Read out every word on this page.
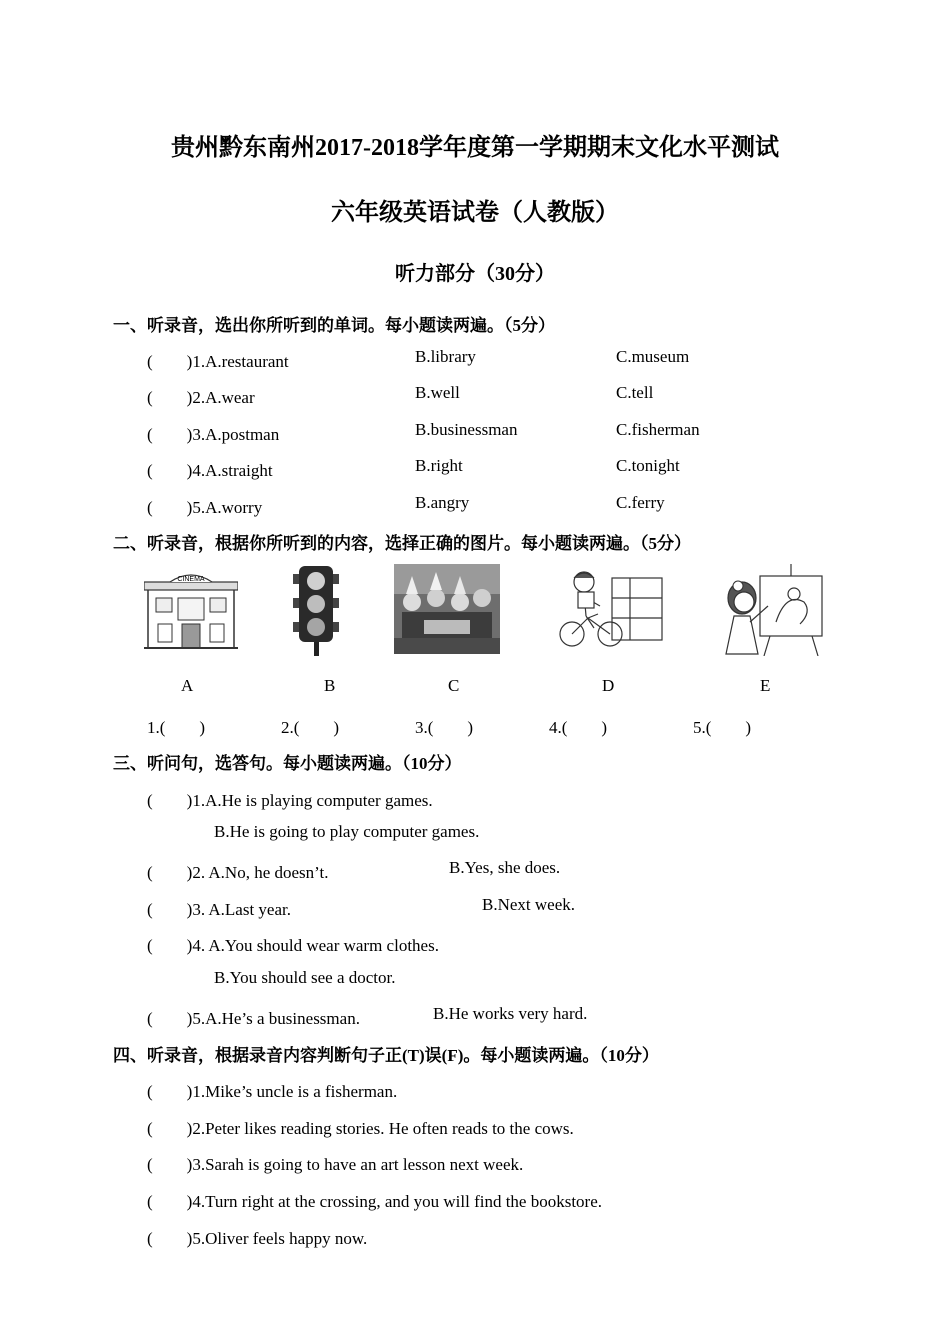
贵州黔东南州2017-2018学年度第一学期期末文化水平测试
六年级英语试卷（人教版）
听力部分（30分）
一、听录音，选出你所听到的单词。每小题读两遍。（5分）
(　　)1.A.restaurant	B.library	C.museum
(　　)2.A.wear	B.well	C.tell
(　　)3.A.postman	B.businessman	C.fisherman
(　　)4.A.straight	B.right	C.tonight
(　　)5.A.worry	B.angry	C.ferry
二、听录音，根据你所听到的内容，选择正确的图片。每小题读两遍。（5分）
CINEMA
A	B	C	D	E
1.(　　)	2.(　　)	3.(　　)	4.(　　)	5.(　　)
三、听问句，选答句。每小题读两遍。（10分）
(　　)1.A.He is playing computer games.
B.He is going to play computer games.
(　　)2. A.No, he doesn’t.	B.Yes, she does.
(　　)3. A.Last year.	B.Next week.
(　　)4. A.You should wear warm clothes.
B.You should see a doctor.
(　　)5.A.He’s a businessman.	B.He works very hard.
四、听录音，根据录音内容判断句子正(T)误(F)。每小题读两遍。（10分）
(　　)1.Mike’s uncle is a fisherman.
(　　)2.Peter likes reading stories. He often reads to the cows.
(　　)3.Sarah is going to have an art lesson next week.
(　　)4.Turn right at the crossing, and you will find the bookstore.
(　　)5.Oliver feels happy now.
